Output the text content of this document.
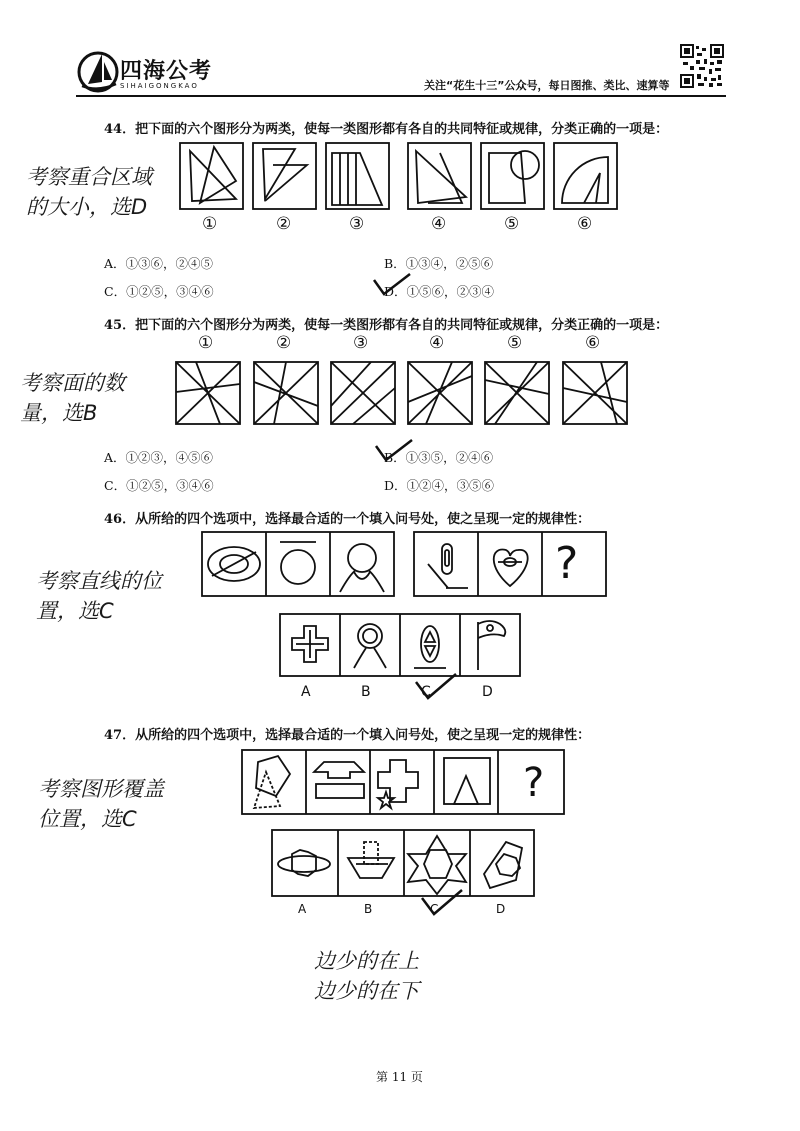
四海公考
SIHAIGONGKAO	关注“花生十三”公众号，每日图推、类比、速算等
44．把下面的六个图形分为两类，使每一类图形都有各自的共同特征或规律，分类正确的一项是：
考察重合区域
的大小，选D
①	②	③	④	⑤	⑥
A．①③⑥，②④⑤	B．①③④，②⑤⑥
C．①②⑤，③④⑥	D．①⑤⑥，②③④
45．把下面的六个图形分为两类，使每一类图形都有各自的共同特征或规律，分类正确的一项是：
考察面的数
量，选B
①	②	③	④	⑤	⑥
A．①②③，④⑤⑥	B．①③⑤，②④⑥
C．①②⑤，③④⑥	D．①②④，③⑤⑥
46．从所给的四个选项中，选择最合适的一个填入问号处，使之呈现一定的规律性：
考察直线的位
置，选C
?
A	B	C	D
47．从所给的四个选项中，选择最合适的一个填入问号处，使之呈现一定的规律性：
考察图形覆盖
位置，选C
?
A	B	C	D
边少的在上
边少的在下
第 11 页
